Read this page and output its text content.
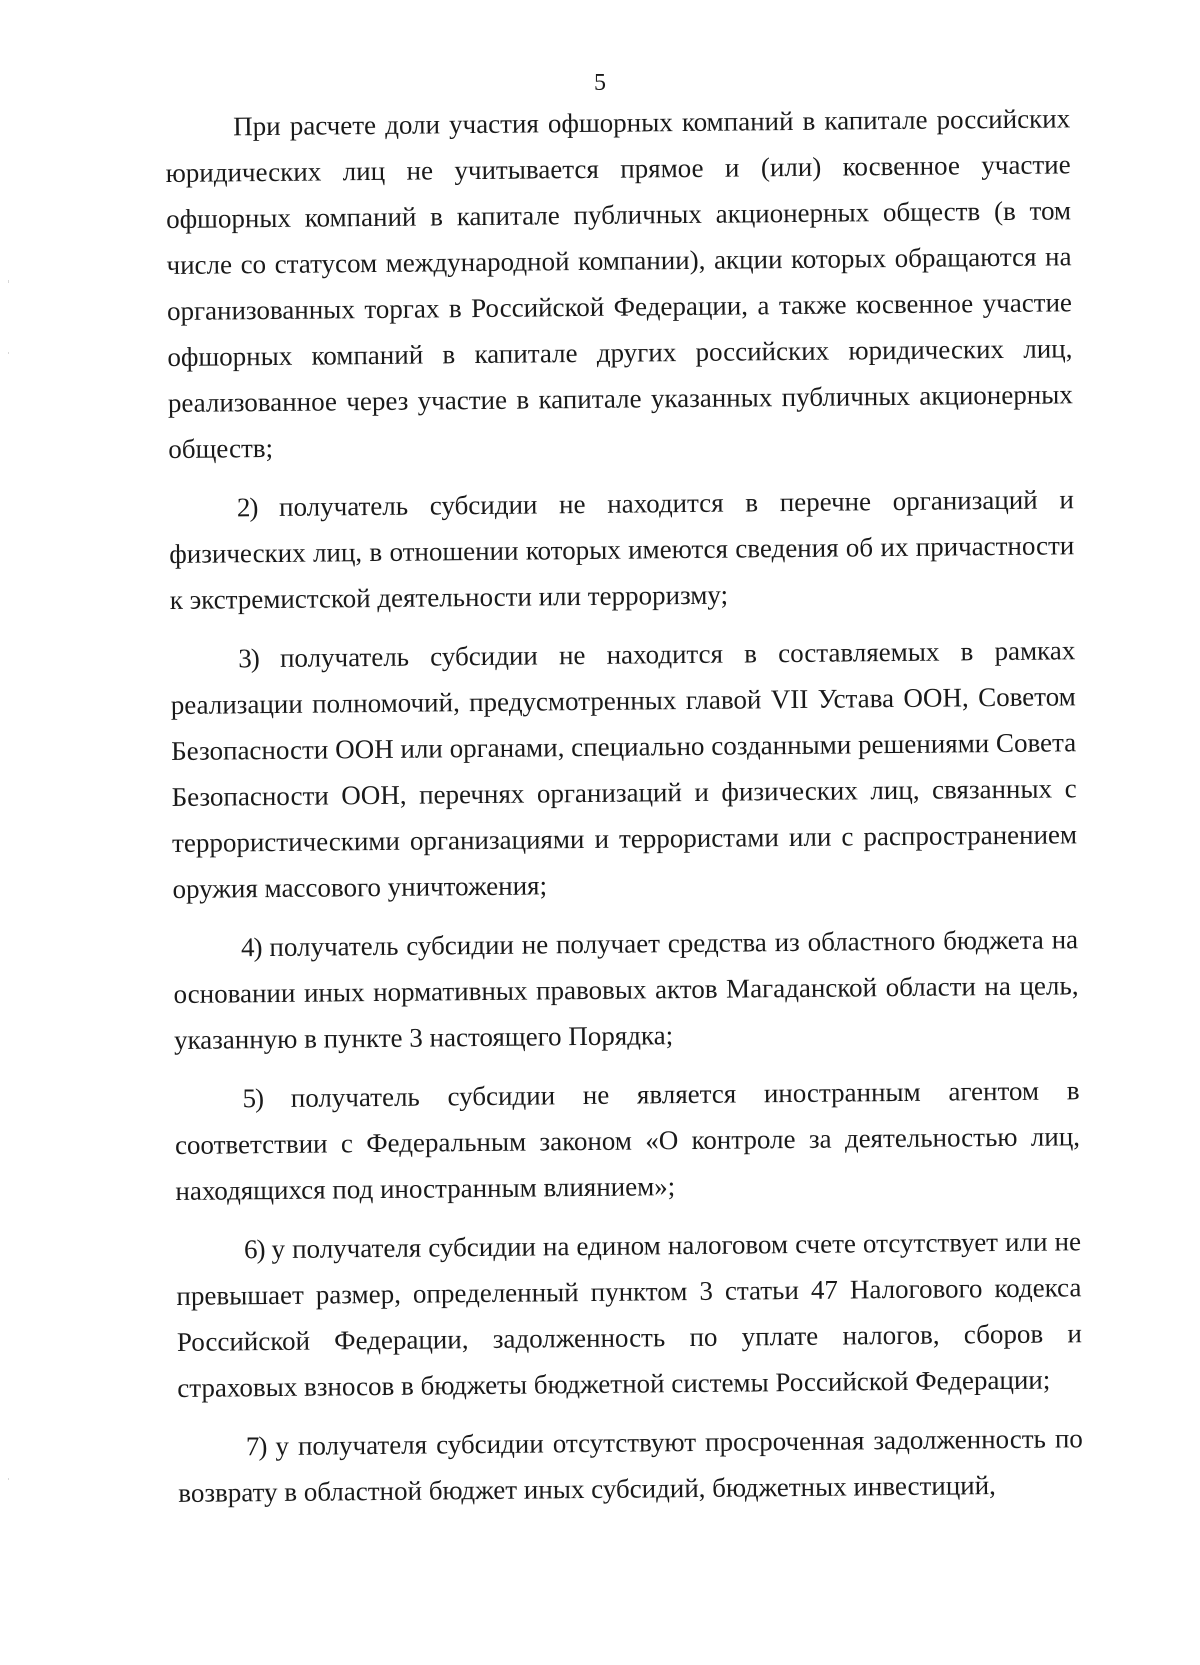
5

При расчете доли участия офшорных компаний в капитале российских юридических лиц не учитывается прямое и (или) косвенное участие офшорных компаний в капитале публичных акционерных обществ (в том числе со статусом международной компании), акции которых обращаются на организованных торгах в Российской Федерации, а также косвенное участие офшорных компаний в капитале других российских юридических лиц, реализованное через участие в капитале указанных публичных акционерных обществ;

2) получатель субсидии не находится в перечне организаций и физических лиц, в отношении которых имеются сведения об их причастности к экстремистской деятельности или терроризму;

3) получатель субсидии не находится в составляемых в рамках реализации полномочий, предусмотренных главой VII Устава ООН, Советом Безопасности ООН или органами, специально созданными решениями Совета Безопасности ООН, перечнях организаций и физических лиц, связанных с террористическими организациями и террористами или с распространением оружия массового уничтожения;

4) получатель субсидии не получает средства из областного бюджета на основании иных нормативных правовых актов Магаданской области на цель, указанную в пункте 3 настоящего Порядка;

5) получатель субсидии не является иностранным агентом в соответствии с Федеральным законом «О контроле за деятельностью лиц, находящихся под иностранным влиянием»;

6) у получателя субсидии на едином налоговом счете отсутствует или не превышает размер, определенный пунктом 3 статьи 47 Налогового кодекса Российской Федерации, задолженность по уплате налогов, сборов и страховых взносов в бюджеты бюджетной системы Российской Федерации;

7) у получателя субсидии отсутствуют просроченная задолженность по возврату в областной бюджет иных субсидий, бюджетных инвестиций,
